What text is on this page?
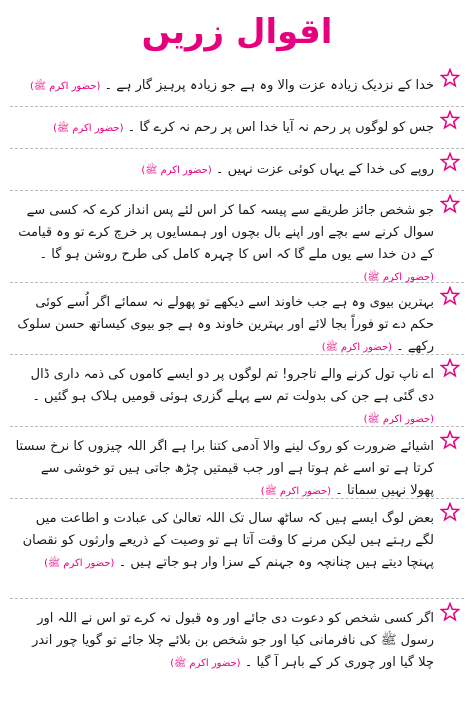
اقوال زریں
خدا کے نزدیک زیادہ عزت والا وہ ہے جو زیادہ پرہیز گار ہے ۔ (حضور اکرم ﷺ)
جس کو لوگوں پر رحم نہ آیا خدا اس پر رحم نہ کرے گا ۔ (حضور اکرم ﷺ)
روپے کی خدا کے یہاں کوئی عزت نہیں ۔ (حضور اکرم ﷺ)
جو شخص جائز طریقے سے پیسہ کما کر اس لئے پس انداز کرے کہ کسی سے سوال کرنے سے بچے اور اپنے بال بچوں اور ہمسایوں پر خرچ کرے تو وہ قیامت کے دن خدا سے یوں ملے گا کہ اس کا چہرہ کامل کی طرح روشن ہو گا ۔ (حضور اکرم ﷺ)
بہترین بیوی وہ ہے جب خاوند اسے دیکھے تو پھولے نہ سمائے اگر اُسے کوئی حکم دے تو فوراً بجا لائے اور بہترین خاوند وہ ہے جو بیوی کیساتھ حسن سلوک رکھے ۔ (حضور اکرم ﷺ)
اے ناپ تول کرنے والے تاجرو! تم لوگوں پر دو ایسے کاموں کی ذمہ داری ڈال دی گئی ہے جن کی بدولت تم سے پہلے گزری ہوئی قومیں ہلاک ہو گئیں ۔ (حضور اکرم ﷺ)
اشیائے ضرورت کو روک لینے والا آدمی کتنا برا ہے اگر اللہ چیزوں کا نرخ سستا کرتا ہے تو اسے غم ہوتا ہے اور جب قیمتیں چڑھ جاتی ہیں تو خوشی سے پھولا نہیں سماتا ۔ (حضور اکرم ﷺ)
بعض لوگ ایسے ہیں کہ ساٹھ سال تک اللہ تعالیٰ کی عبادت و اطاعت میں لگے رہتے ہیں لیکن مرنے کا وقت آتا ہے تو وصیت کے ذریعے وارثوں کو نقصان پہنچا دیتے ہیں چنانچہ وہ جہنم کے سزا وار ہو جاتے ہیں ۔ (حضور اکرم ﷺ)
اگر کسی شخص کو دعوت دی جائے اور وہ قبول نہ کرے تو اس نے اللہ اور رسول ﷺ کی نافرمانی کیا اور جو شخص بن بلائے چلا جائے تو گویا چور اندر چلا گیا اور چوری کر کے باہر آ گیا ۔ (حضور اکرم ﷺ)
